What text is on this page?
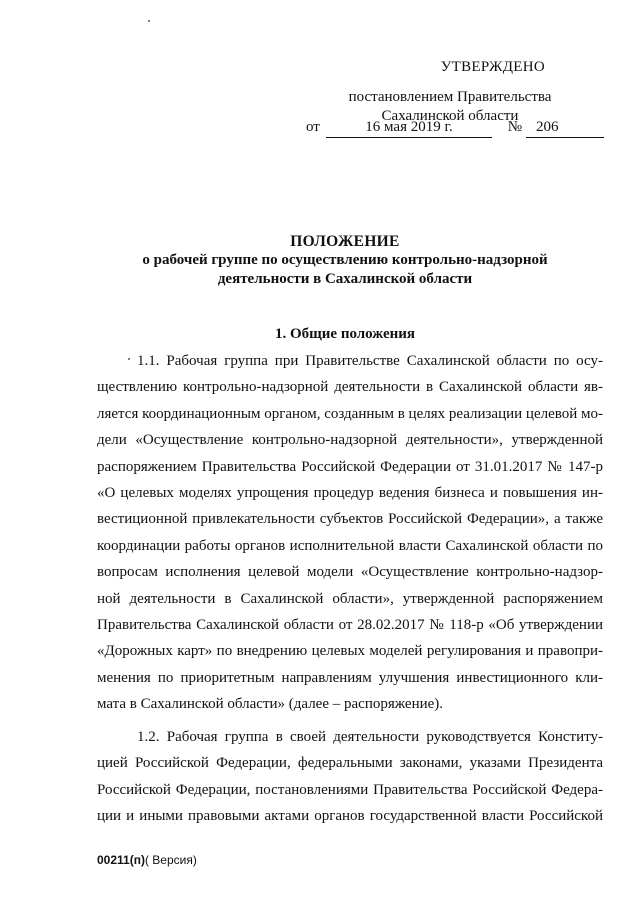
УТВЕРЖДЕНО
постановлением Правительства
Сахалинской области
от	16 мая 2019 г.	№ 206
ПОЛОЖЕНИЕ
о рабочей группе по осуществлению контрольно-надзорной
деятельности в Сахалинской области
1. Общие положения
1.1. Рабочая группа при Правительстве Сахалинской области по осу-
ществлению контрольно-надзорной деятельности в Сахалинской области яв-
ляется координационным органом, созданным в целях реализации целевой мо-
дели «Осуществление контрольно-надзорной деятельности», утвержденной
распоряжением Правительства Российской Федерации от 31.01.2017 № 147-р
«О целевых моделях упрощения процедур ведения бизнеса и повышения ин-
вестиционной привлекательности субъектов Российской Федерации», а также
координации работы органов исполнительной власти Сахалинской области по
вопросам исполнения целевой модели «Осуществление контрольно-надзор-
ной деятельности в Сахалинской области», утвержденной распоряжением
Правительства Сахалинской области от 28.02.2017 № 118-р «Об утверждении
«Дорожных карт» по внедрению целевых моделей регулирования и правопри-
менения по приоритетным направлениям улучшения инвестиционного кли-
мата в Сахалинской области» (далее – распоряжение).
1.2. Рабочая группа в своей деятельности руководствуется Конститу-
цией Российской Федерации, федеральными законами, указами Президента
Российской Федерации, постановлениями Правительства Российской Федера-
ции и иными правовыми актами органов государственной власти Российской
00211(п)( Версия)
